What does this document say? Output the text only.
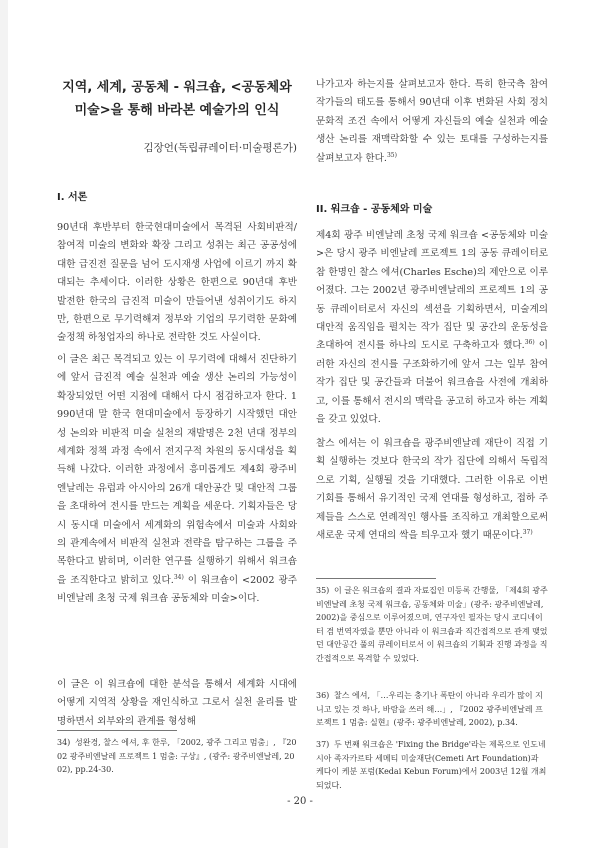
지역, 세계, 공동체 - 워크숍, <공동체와
미술>을 통해 바라본 예술가의 인식

김장언(독립큐레이터·미술평론가)

I. 서론

90년대 후반부터 한국현대미술에서 목격된 사회비판적/참여적 미술의 변화와 확장 그리고 성취는 최근 공공성에 대한 급진전 질문을 넘어 도시재생 사업에 이르기 까지 확대되는 추세이다. 이러한 상황은 한편으로 90년대 후반 발전한 한국의 급진적 미술이 만들어낸 성취이기도 하지만, 한편으로 무기력해져 정부와 기업의 무기력한 문화예술정책 하청업자의 하나로 전락한 것도 사실이다.

이 글은 최근 목격되고 있는 이 무기력에 대해서 진단하기에 앞서 급진적 예술 실천과 예술 생산 논리의 가능성이 확장되었던 어떤 지점에 대해서 다시 점검하고자 한다. 1990년대 말 한국 현대미술에서 등장하기 시작했던 대안성 논의와 비판적 미술 실천의 재발명은 2천 년대 정부의 세계화 정책 과정 속에서 전지구적 차원의 동시대성을 획득해 나갔다. 이러한 과정에서 흥미롭게도 제4회 광주비엔날레는 유럽과 아시아의 26개 대안공간 및 대안적 그룹을 초대하여 전시를 만드는 계획을 세운다. 기획자들은 당시 동시대 미술에서 세계화의 위험속에서 미술과 사회와의 관계속에서 비판적 실천과 전략을 탐구하는 그룹을 주목한다고 밝히며, 이러한 연구를 실행하기 위해서 워크숍을 조직한다고 밝히고 있다.$^{34)}$ 이 워크숍이 <2002 광주비엔날레 초청 국제 워크숍 공동체와 미술>이다.

이 글은 이 워크숍에 대한 분석을 통해서 세계화 시대에 어떻게 지역적 상황을 재인식하고 그로서 실천 윤리를 발명하면서 외부와의 관계를 형성해

34) 성완경, 찰스 에셔, 후 한루, 「2002, 광주 그리고 멈춤」, 『2002 광주비엔날레 프로젝트 1 멈춤: 구상』, (광주: 광주비엔날레, 2002), pp.24-30.

나가고자 하는지를 살펴보고자 한다. 특히 한국측 참여 작가들의 태도를 통해서 90년대 이후 변화된 사회 정치 문화적 조건 속에서 어떻게 자신들의 예술 실천과 예술 생산 논리를 재맥락화할 수 있는 토대를 구성하는지를 살펴보고자 한다.$^{35)}$

II. 워크숍 - 공동체와 미술

제4회 광주 비엔날레 초청 국제 워크숍 <공동체와 미술>은 당시 광주 비엔날레 프로젝트 1의 공동 큐레이터로 참 한명인 찰스 에셔(Charles Esche)의 제안으로 이루어졌다. 그는 2002년 광주비엔날레의 프로젝트 1의 공동 큐레이터로서 자신의 섹션을 기획하면서, 미술계의 대안적 움직임을 펼치는 작가 집단 및 공간의 운동성을 초대하여 전시를 하나의 도시로 구축하고자 했다.$^{36)}$ 이러한 자신의 전시를 구조화하기에 앞서 그는 일부 참여 작가 집단 및 공간들과 더불어 워크숍을 사전에 개최하고, 이를 통해서 전시의 맥락을 공고히 하고자 하는 계획을 갖고 있었다.

찰스 에셔는 이 워크숍을 광주비엔날레 재단이 직접 기획 실행하는 것보다 한국의 작가 집단에 의해서 독립적으로 기획, 실행될 것을 기대했다. 그러한 이유로 이번 기회를 통해서 유기적인 국제 연대를 형성하고, 접하 주제들을 스스로 연례적인 행사를 조직하고 개최할으로써 새로운 국제 연대의 싹을 틔우고자 했기 때문이다.$^{37)}$

35) 이 글은 워크숍의 결과 자료집인 미등록 간행물, 「제4회 광주비엔날레 초청 국제 워크숍, 공동체와 미술」(광주: 광주비엔날레, 2002)을 중심으로 이루어졌으며, 연구자인 필자는 당시 코디네이터 겸 번역자였을 뿐만 아니라 이 워크숍과 직간접적으로 관계 맺었던 대안공간 풀의 큐레이터로서 이 워크숍의 기획과 진행 과정을 직간접적으로 목격할 수 있었다.

36) 찰스 에셔, 「…우리는 충기나 폭탄이 아니라 우리가 많이 지니고 있는 것 하나, 바람을 쓰러 해…」, 『2002 광주비엔날레 프로젝트 1 멈춤: 실현』(광주: 광주비엔날레, 2002), p.34.

37) 두 번째 워크숍은 'Fixing the Bridge'라는 제목으로 인도네시아 족자카르타 세메티 미술재단(Cemeti Art Foundation)과 케다이 케분 포럼(Kedai Kebun Forum)에서 2003년 12월 개최되었다.

- 20 -
